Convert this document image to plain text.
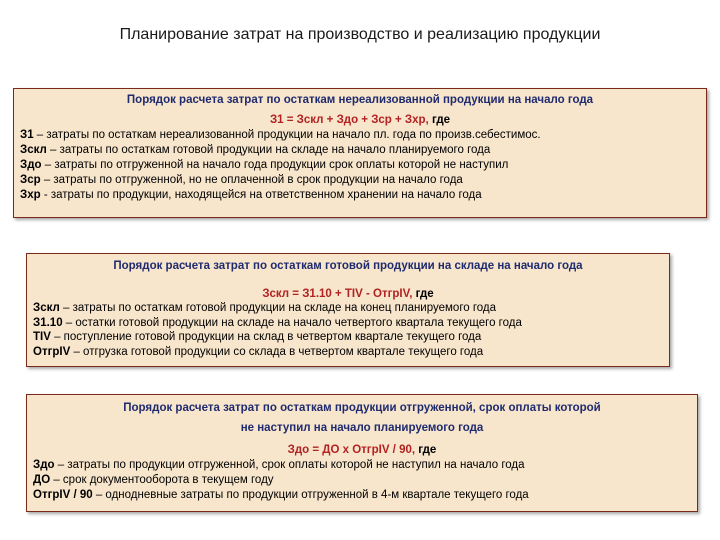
Планирование затрат на производство и реализацию продукции
Порядок расчета затрат по остаткам нереализованной продукции на начало года
З1 = Зскл + Здо + Зср + Зхр, где
З1 – затраты по остаткам нереализованной продукции на начало пл. года по произв.себестимос.
Зскл – затраты по остаткам готовой продукции на складе на начало планируемого года
Здо – затраты по отгруженной на начало года продукции срок оплаты которой не наступил
Зср – затраты по отгруженной, но не оплаченной в срок продукции на начало года
Зхр - затраты по продукции, находящейся на ответственном хранении на начало года
Порядок расчета затрат по остаткам готовой продукции на складе на начало года
Зскл = З1.10 + ТIV - ОтгрIV, где
Зскл – затраты по остаткам готовой продукции на складе на конец планируемого года
З1.10 – остатки готовой продукции на складе на начало четвертого квартала текущего года
ТIV – поступление готовой продукции на склад в четвертом квартале текущего года
ОтгрIV – отгрузка готовой продукции со склада в четвертом квартале текущего года
Порядок расчета затрат по остаткам продукции отгруженной, срок оплаты которой
не наступил на начало планируемого года
Здо = ДО х ОтгрIV / 90, где
Здо – затраты по продукции отгруженной, срок оплаты которой не наступил на начало года
ДО – срок документооборота в текущем году
ОтгрIV / 90 – однодневные затраты по продукции отгруженной в 4-м квартале текущего года
